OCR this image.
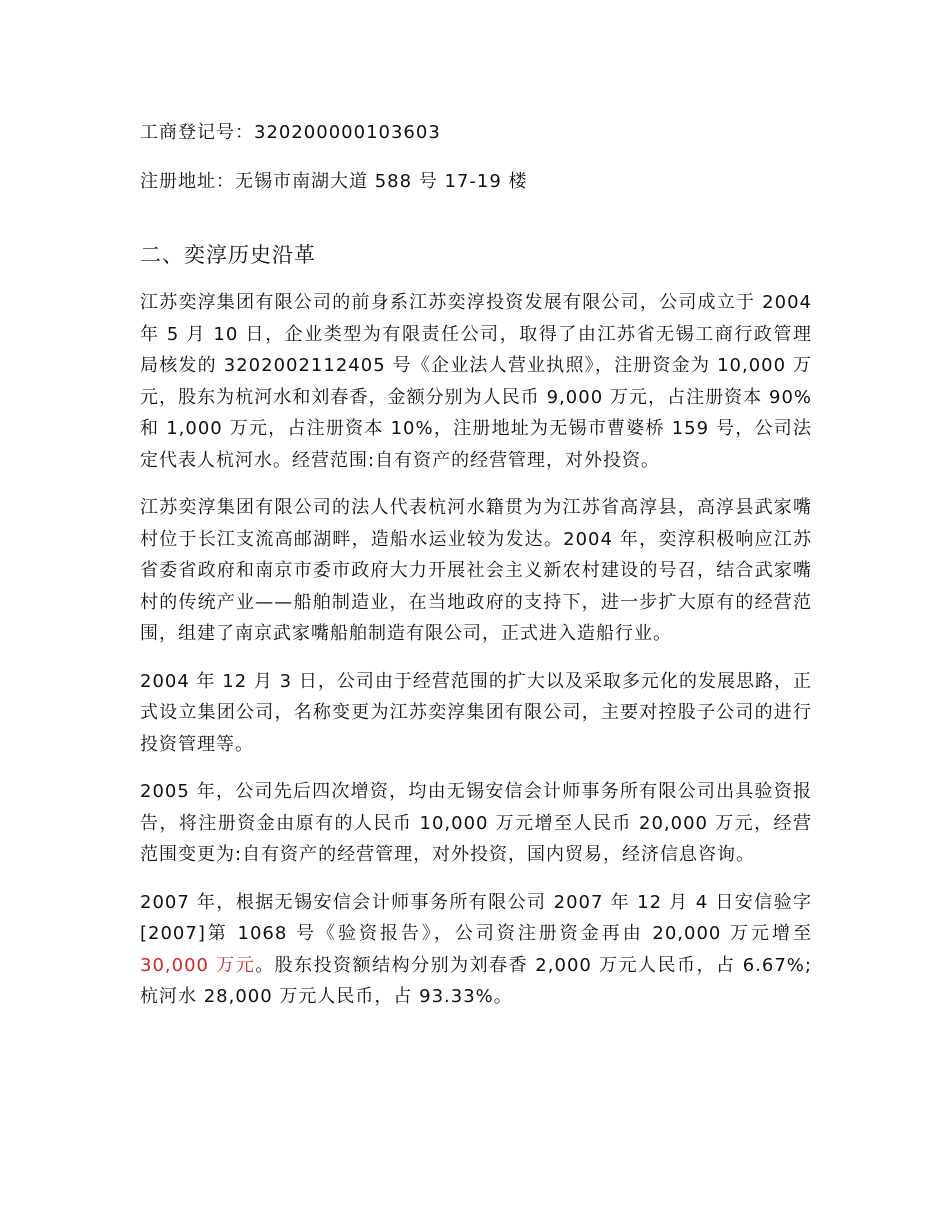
工商登记号：320200000103603
注册地址：无锡市南湖大道 588 号 17-19 楼
二、奕淳历史沿革

江苏奕淳集团有限公司的前身系江苏奕淳投资发展有限公司，公司成立于 2004 年 5 月 10 日，企业类型为有限责任公司，取得了由江苏省无锡工商行政管理局核发的 3202002112405 号《企业法人营业执照》，注册资金为 10,000 万元，股东为杭河水和刘春香，金额分别为人民币 9,000 万元，占注册资本 90%和 1,000 万元，占注册资本 10%，注册地址为无锡市曹婆桥 159 号，公司法定代表人杭河水。经营范围:自有资产的经营管理，对外投资。

江苏奕淳集团有限公司的法人代表杭河水籍贯为为江苏省高淳县，高淳县武家嘴村位于长江支流高邮湖畔，造船水运业较为发达。2004 年，奕淳积极响应江苏省委省政府和南京市委市政府大力开展社会主义新农村建设的号召，结合武家嘴村的传统产业——船舶制造业，在当地政府的支持下，进一步扩大原有的经营范围，组建了南京武家嘴船舶制造有限公司，正式进入造船行业。

2004 年 12 月 3 日，公司由于经营范围的扩大以及采取多元化的发展思路，正式设立集团公司，名称变更为江苏奕淳集团有限公司，主要对控股子公司的进行投资管理等。

2005 年，公司先后四次增资，均由无锡安信会计师事务所有限公司出具验资报告，将注册资金由原有的人民币 10,000 万元增至人民币 20,000 万元，经营范围变更为:自有资产的经营管理，对外投资，国内贸易，经济信息咨询。

2007 年，根据无锡安信会计师事务所有限公司 2007 年 12 月 4 日安信验字[2007]第 1068 号《验资报告》，公司资注册资金再由 20,000 万元增至 30,000 万元。股东投资额结构分别为刘春香 2,000 万元人民币，占 6.67%;杭河水 28,000 万元人民币，占 93.33%。
